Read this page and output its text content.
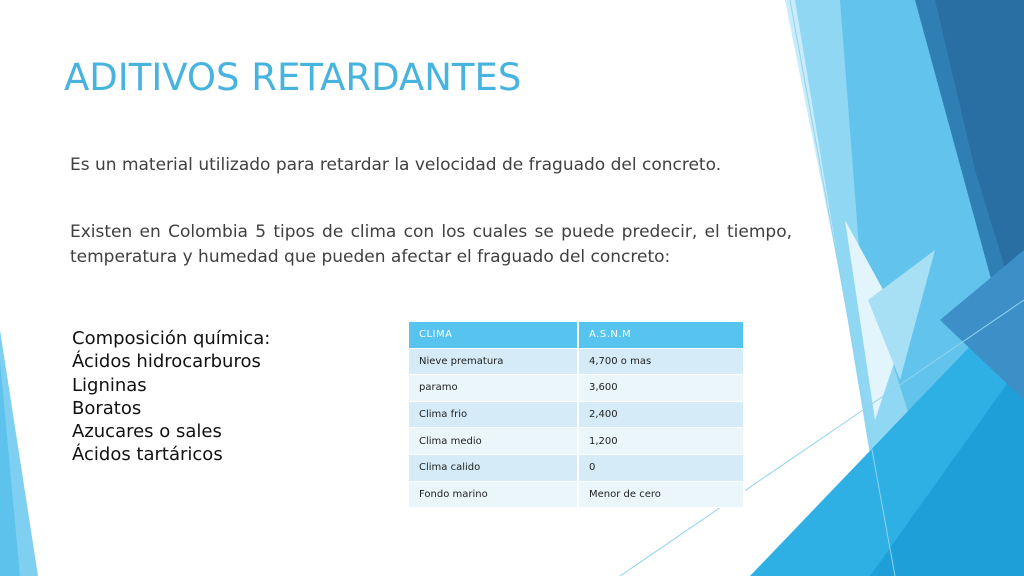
ADITIVOS RETARDANTES
Es un material utilizado para retardar la velocidad de fraguado del concreto.
Existen en Colombia 5 tipos de clima con los cuales se puede predecir, el tiempo, temperatura y humedad que pueden afectar el fraguado del concreto:
Composición química:
Ácidos hidrocarburos
Ligninas
Boratos
Azucares o sales
Ácidos tartáricos
CLIMA	A.S.N.M
Nieve prematura	4,700 o mas
paramo	3,600
Clima frio	2,400
Clima medio	1,200
Clima calido	0
Fondo marino	Menor de cero
